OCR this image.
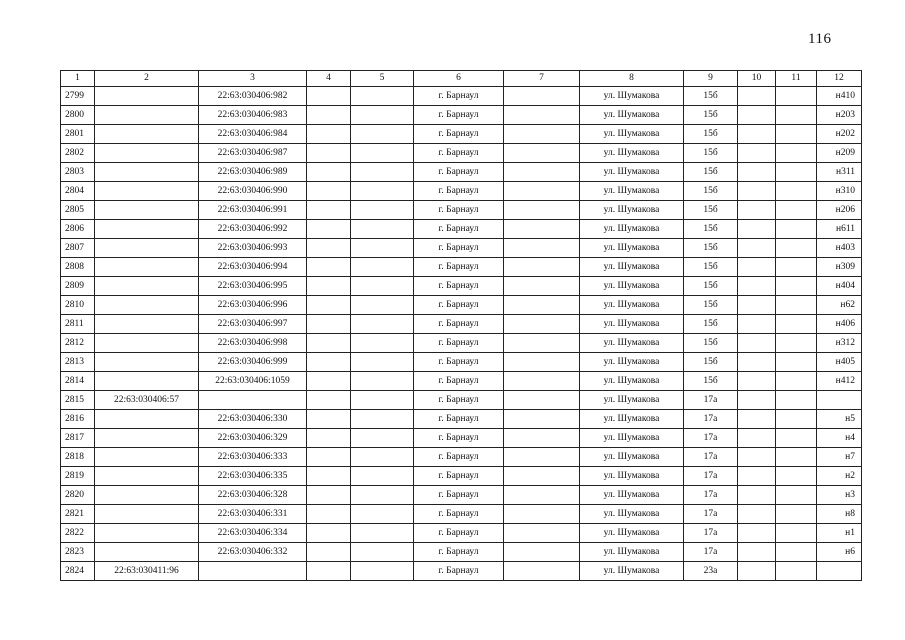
116
1	2	3	4	5	6	7	8	9	10	11	12
2799		22:63:030406:982			г. Барнаул		ул. Шумакова	15б			н410
2800		22:63:030406:983			г. Барнаул		ул. Шумакова	15б			н203
2801		22:63:030406:984			г. Барнаул		ул. Шумакова	15б			н202
2802		22:63:030406:987			г. Барнаул		ул. Шумакова	15б			н209
2803		22:63:030406:989			г. Барнаул		ул. Шумакова	15б			н311
2804		22:63:030406:990			г. Барнаул		ул. Шумакова	15б			н310
2805		22:63:030406:991			г. Барнаул		ул. Шумакова	15б			н206
2806		22:63:030406:992			г. Барнаул		ул. Шумакова	15б			н611
2807		22:63:030406:993			г. Барнаул		ул. Шумакова	15б			н403
2808		22:63:030406:994			г. Барнаул		ул. Шумакова	15б			н309
2809		22:63:030406:995			г. Барнаул		ул. Шумакова	15б			н404
2810		22:63:030406:996			г. Барнаул		ул. Шумакова	15б			н62
2811		22:63:030406:997			г. Барнаул		ул. Шумакова	15б			н406
2812		22:63:030406:998			г. Барнаул		ул. Шумакова	15б			н312
2813		22:63:030406:999			г. Барнаул		ул. Шумакова	15б			н405
2814		22:63:030406:1059			г. Барнаул		ул. Шумакова	15б			н412
2815	22:63:030406:57				г. Барнаул		ул. Шумакова	17а			
2816		22:63:030406:330			г. Барнаул		ул. Шумакова	17а			н5
2817		22:63:030406:329			г. Барнаул		ул. Шумакова	17а			н4
2818		22:63:030406:333			г. Барнаул		ул. Шумакова	17а			н7
2819		22:63:030406:335			г. Барнаул		ул. Шумакова	17а			н2
2820		22:63:030406:328			г. Барнаул		ул. Шумакова	17а			н3
2821		22:63:030406:331			г. Барнаул		ул. Шумакова	17а			н8
2822		22:63:030406:334			г. Барнаул		ул. Шумакова	17а			н1
2823		22:63:030406:332			г. Барнаул		ул. Шумакова	17а			н6
2824	22:63:030411:96				г. Барнаул		ул. Шумакова	23а			
